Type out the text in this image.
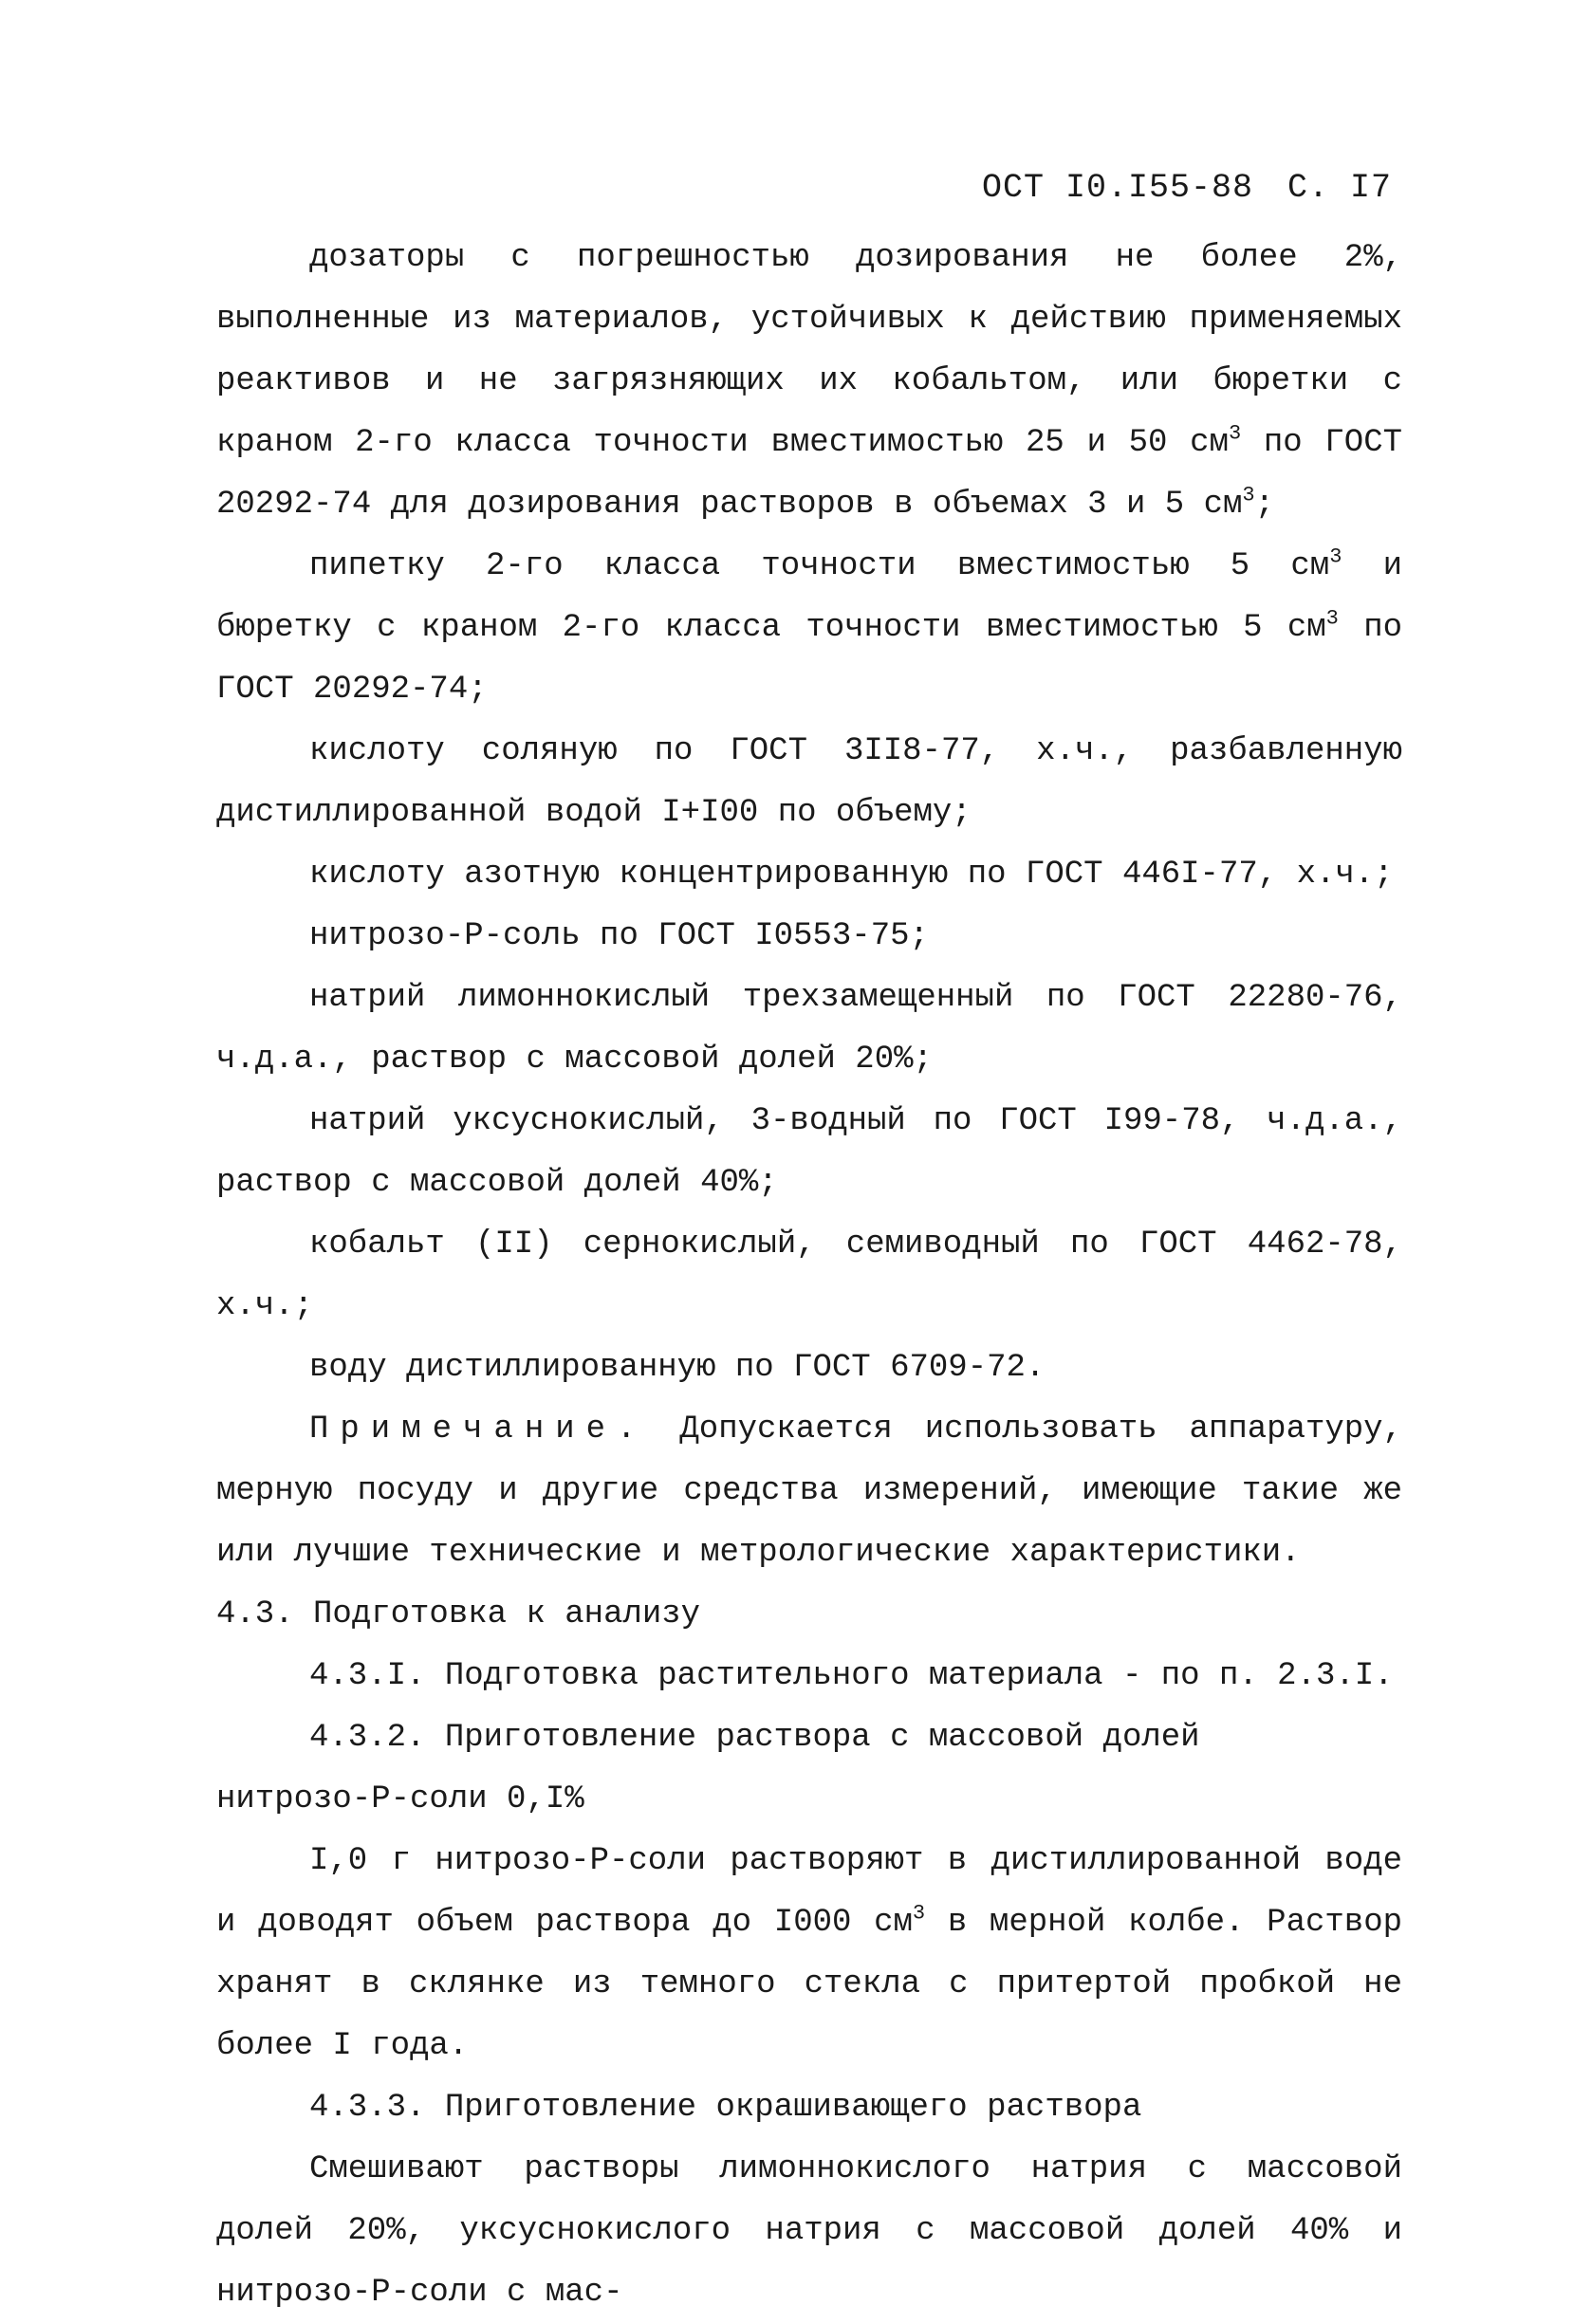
ОСТ I0.I55-88 С. I7

дозаторы с погрешностью дозирования не более 2%, выполненные из материалов, устойчивых к действию применяемых реактивов и не загрязняющих их кобальтом, или бюретки с краном 2-го класса точности вместимостью 25 и 50 $см^3$ по ГОСТ 20292-74 для дозирования растворов в объемах 3 и 5 $см^3$;

пипетку 2-го класса точности вместимостью 5 $см^3$ и бюретку с краном 2-го класса точности вместимостью 5 $см^3$ по ГОСТ 20292-74;

кислоту соляную по ГОСТ 3II8-77, х.ч., разбавленную дистиллированной водой I+I00 по объему;

кислоту азотную концентрированную по ГОСТ 446I-77, х.ч.;

нитрозо-Р-соль по ГОСТ I0553-75;

натрий лимоннокислый трехзамещенный по ГОСТ 22280-76, ч.д.а., раствор с массовой долей 20%;

натрий уксуснокислый, 3-водный по ГОСТ I99-78, ч.д.а., раствор с массовой долей 40%;

кобальт (II) сернокислый, семиводный по ГОСТ 4462-78, х.ч.;

воду дистиллированную по ГОСТ 6709-72.

Примечание. Допускается использовать аппаратуру, мерную посуду и другие средства измерений, имеющие такие же или лучшие технические и метрологические характеристики.

4.3. Подготовка к анализу

4.3.I. Подготовка растительного материала - по п. 2.3.I.

4.3.2. Приготовление раствора с массовой долей

нитрозо-Р-соли 0,I%

I,0 г нитрозо-Р-соли растворяют в дистиллированной воде и доводят объем раствора до I000 $см^3$ в мерной колбе. Раствор хранят в склянке из темного стекла с притертой пробкой не более I года.

4.3.3. Приготовление окрашивающего раствора

Смешивают растворы лимоннокислого натрия с массовой долей 20%, уксуснокислого натрия с массовой долей 40% и нитрозо-Р-соли с мас-
